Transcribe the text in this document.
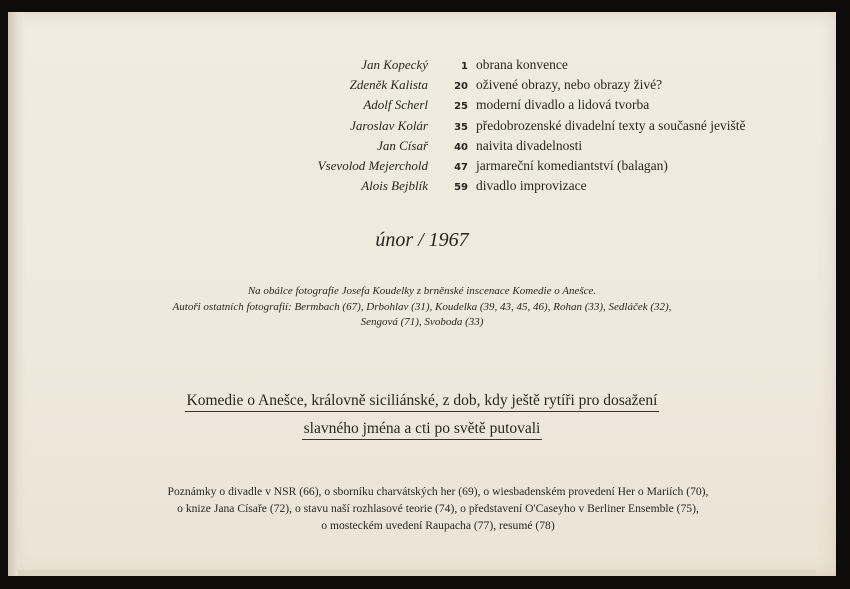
Jan Kopecký	1 obrana konvence
Zdeněk Kalista	20 oživené obrazy, nebo obrazy živé?
Adolf Scherl	25 moderní divadlo a lidová tvorba
Jaroslav Kolár	35 předobrozenské divadelní texty a současné jeviště
Jan Císař	40 naivita divadelnosti
Vsevolod Mejerchold	47 jarmareční komediantství (balagan)
Alois Bejblík	59 divadlo improvizace
únor / 1967
Na obálce fotografie Josefa Koudelky z brněnské inscenace Komedie o Anešce.
Autoři ostatních fotografií: Bermbach (67), Drbohlav (31), Koudelka (39, 43, 45, 46), Rohan (33), Sedláček (32),
Sengová (71), Svoboda (33)
Komedie o Anešce, královně siciliánské, z dob, kdy ještě rytíři pro dosažení
slavného jména a cti po světě putovali
Poznámky o divadle v NSR (66), o sborníku charvátských her (69), o wiesbadenském provedení Her o Mariích (70),
o knize Jana Císaře (72), o stavu naší rozhlasové teorie (74), o představení O'Caseyho v Berliner Ensemble (75),
o mosteckém uvedení Raupacha (77), resumé (78)
